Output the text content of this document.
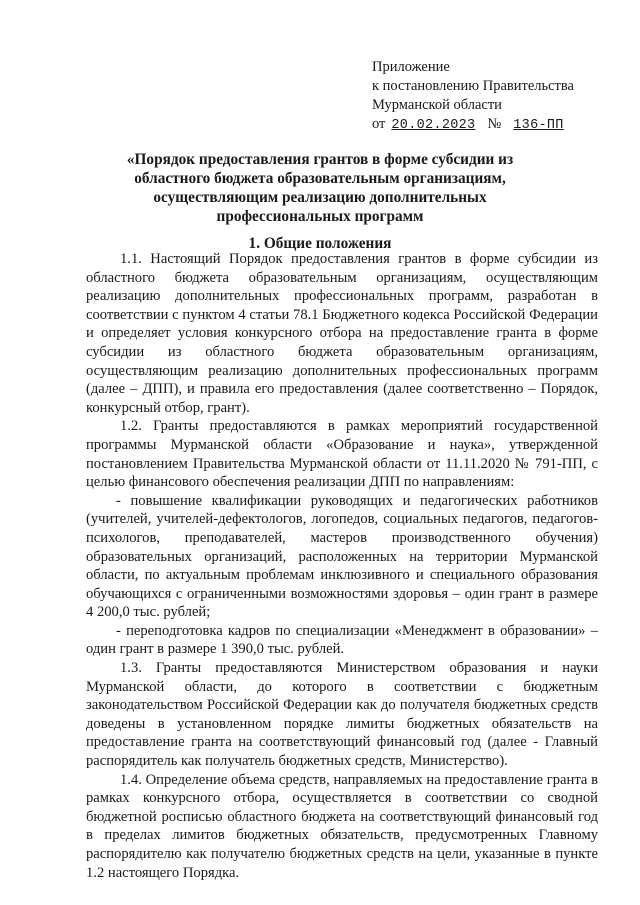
Приложение
к постановлению Правительства
Мурманской области
от 20.02.2023 № 136-ПП
«Порядок предоставления грантов в форме субсидии из областного бюджета образовательным организациям, осуществляющим реализацию дополнительных профессиональных программ
1. Общие положения

1.1. Настоящий Порядок предоставления грантов в форме субсидии из областного бюджета образовательным организациям, осуществляющим реализацию дополнительных профессиональных программ, разработан в соответствии с пунктом 4 статьи 78.1 Бюджетного кодекса Российской Федерации и определяет условия конкурсного отбора на предоставление гранта в форме субсидии из областного бюджета образовательным организациям, осуществляющим реализацию дополнительных профессиональных программ (далее – ДПП), и правила его предоставления (далее соответственно – Порядок, конкурсный отбор, грант).

1.2. Гранты предоставляются в рамках мероприятий государственной программы Мурманской области «Образование и наука», утвержденной постановлением Правительства Мурманской области от 11.11.2020 № 791-ПП, с целью финансового обеспечения реализации ДПП по направлениям:

- повышение квалификации руководящих и педагогических работников (учителей, учителей-дефектологов, логопедов, социальных педагогов, педагогов-психологов, преподавателей, мастеров производственного обучения) образовательных организаций, расположенных на территории Мурманской области, по актуальным проблемам инклюзивного и специального образования обучающихся с ограниченными возможностями здоровья – один грант в размере 4 200,0 тыс. рублей;

- переподготовка кадров по специализации «Менеджмент в образовании» – один грант в размере 1 390,0 тыс. рублей.

1.3. Гранты предоставляются Министерством образования и науки Мурманской области, до которого в соответствии с бюджетным законодательством Российской Федерации как до получателя бюджетных средств доведены в установленном порядке лимиты бюджетных обязательств на предоставление гранта на соответствующий финансовый год (далее - Главный распорядитель как получатель бюджетных средств, Министерство).

1.4. Определение объема средств, направляемых на предоставление гранта в рамках конкурсного отбора, осуществляется в соответствии со сводной бюджетной росписью областного бюджета на соответствующий финансовый год в пределах лимитов бюджетных обязательств, предусмотренных Главному распорядителю как получателю бюджетных средств на цели, указанные в пункте 1.2 настоящего Порядка.
